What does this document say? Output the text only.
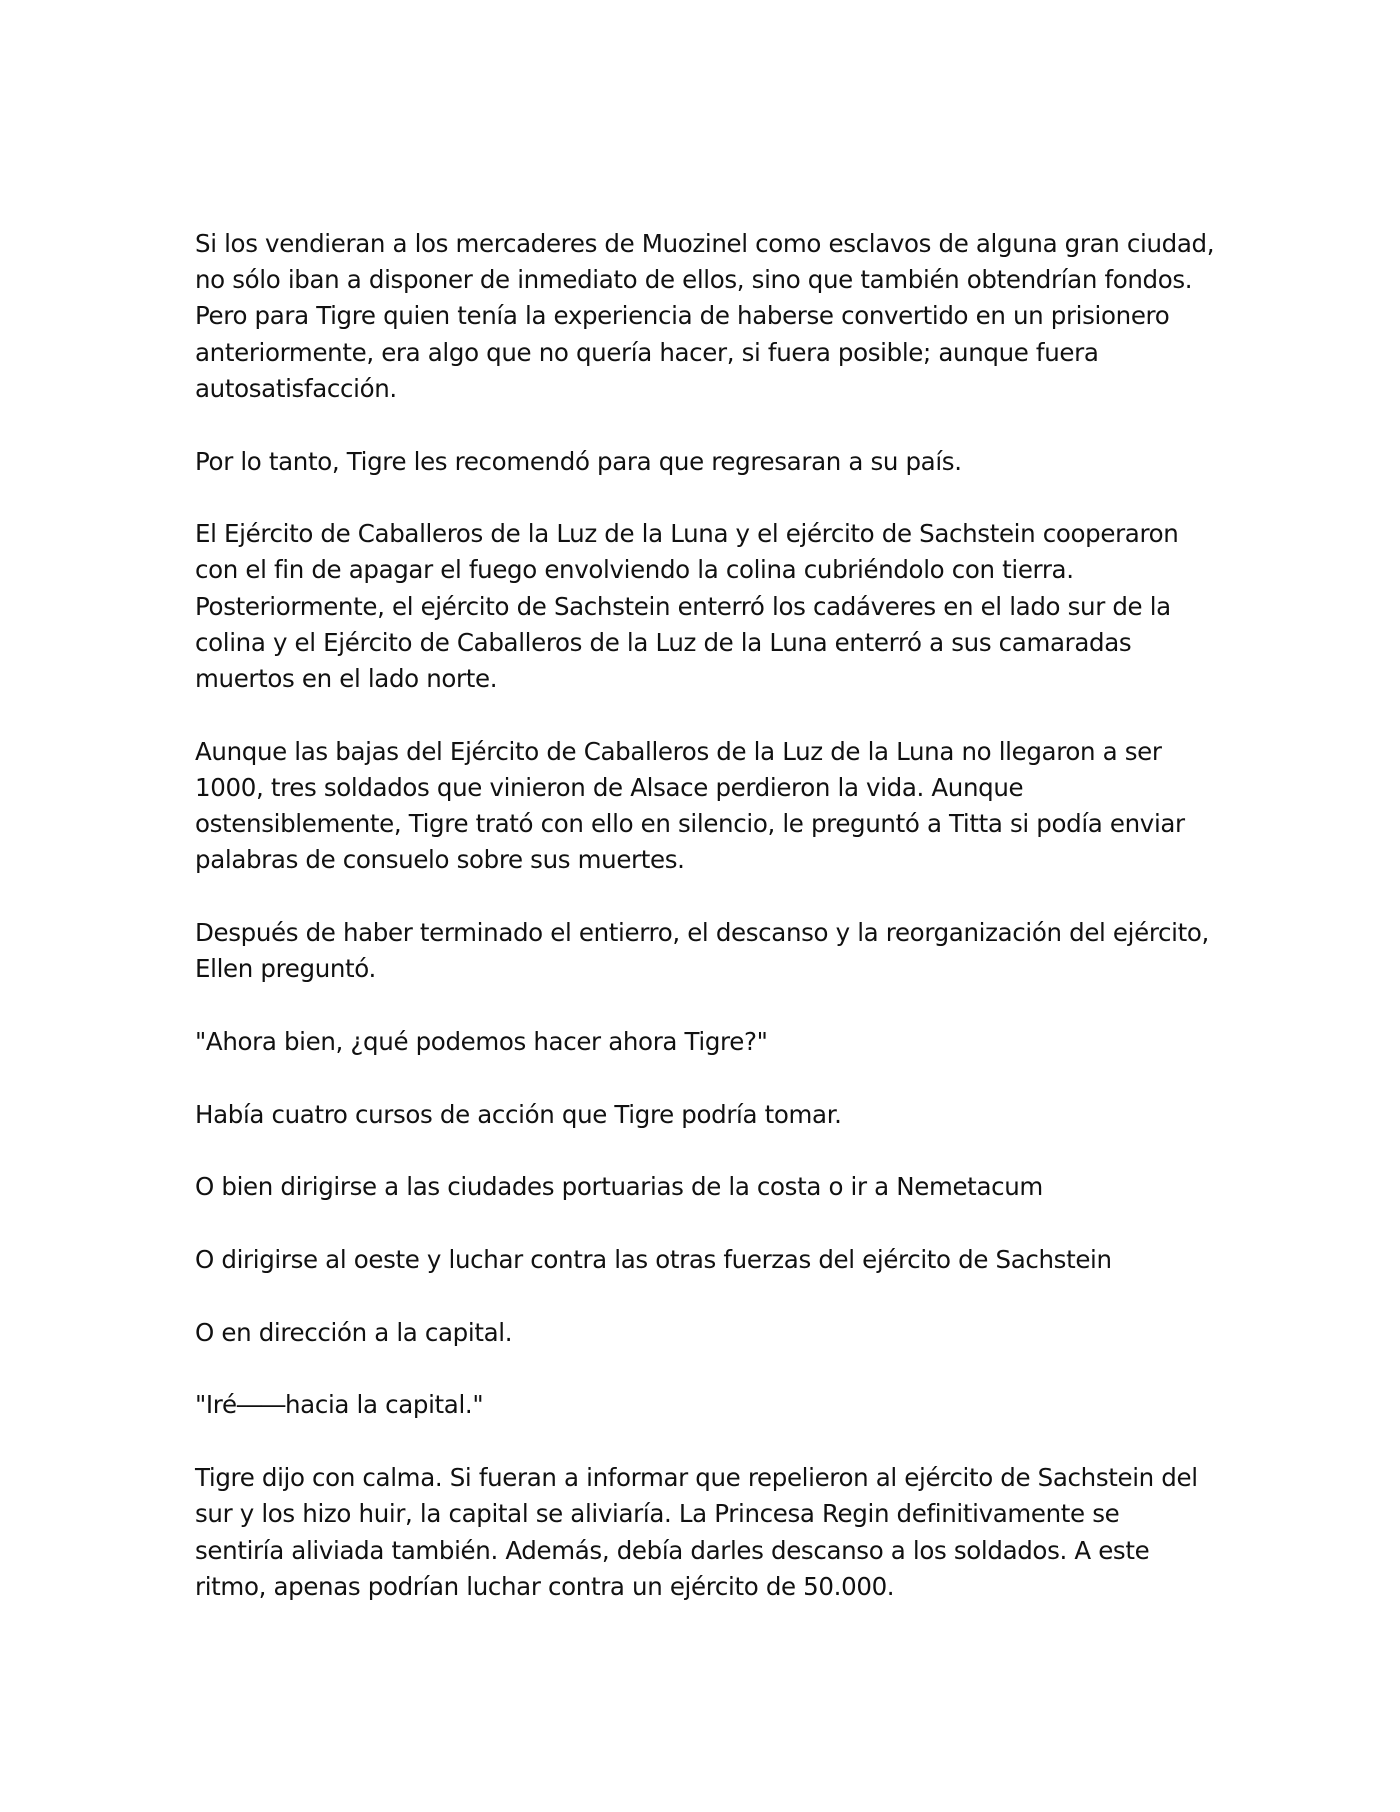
Si los vendieran a los mercaderes de Muozinel como esclavos de alguna gran ciudad, no sólo iban a disponer de inmediato de ellos, sino que también obtendrían fondos. Pero para Tigre quien tenía la experiencia de haberse convertido en un prisionero anteriormente, era algo que no quería hacer, si fuera posible; aunque fuera autosatisfacción.

Por lo tanto, Tigre les recomendó para que regresaran a su país.

El Ejército de Caballeros de la Luz de la Luna y el ejército de Sachstein cooperaron con el fin de apagar el fuego envolviendo la colina cubriéndolo con tierra. Posteriormente, el ejército de Sachstein enterró los cadáveres en el lado sur de la colina y el Ejército de Caballeros de la Luz de la Luna enterró a sus camaradas muertos en el lado norte.

Aunque las bajas del Ejército de Caballeros de la Luz de la Luna no llegaron a ser 1000, tres soldados que vinieron de Alsace perdieron la vida. Aunque ostensiblemente, Tigre trató con ello en silencio, le preguntó a Titta si podía enviar palabras de consuelo sobre sus muertes.

Después de haber terminado el entierro, el descanso y la reorganización del ejército, Ellen preguntó.

"Ahora bien, ¿qué podemos hacer ahora Tigre?"

Había cuatro cursos de acción que Tigre podría tomar.

O bien dirigirse a las ciudades portuarias de la costa o ir a Nemetacum

O dirigirse al oeste y luchar contra las otras fuerzas del ejército de Sachstein

O en dirección a la capital.

"Iré――hacia la capital."

Tigre dijo con calma. Si fueran a informar que repelieron al ejército de Sachstein del sur y los hizo huir, la capital se aliviaría. La Princesa Regin definitivamente se sentiría aliviada también. Además, debía darles descanso a los soldados. A este ritmo, apenas podrían luchar contra un ejército de 50.000.
